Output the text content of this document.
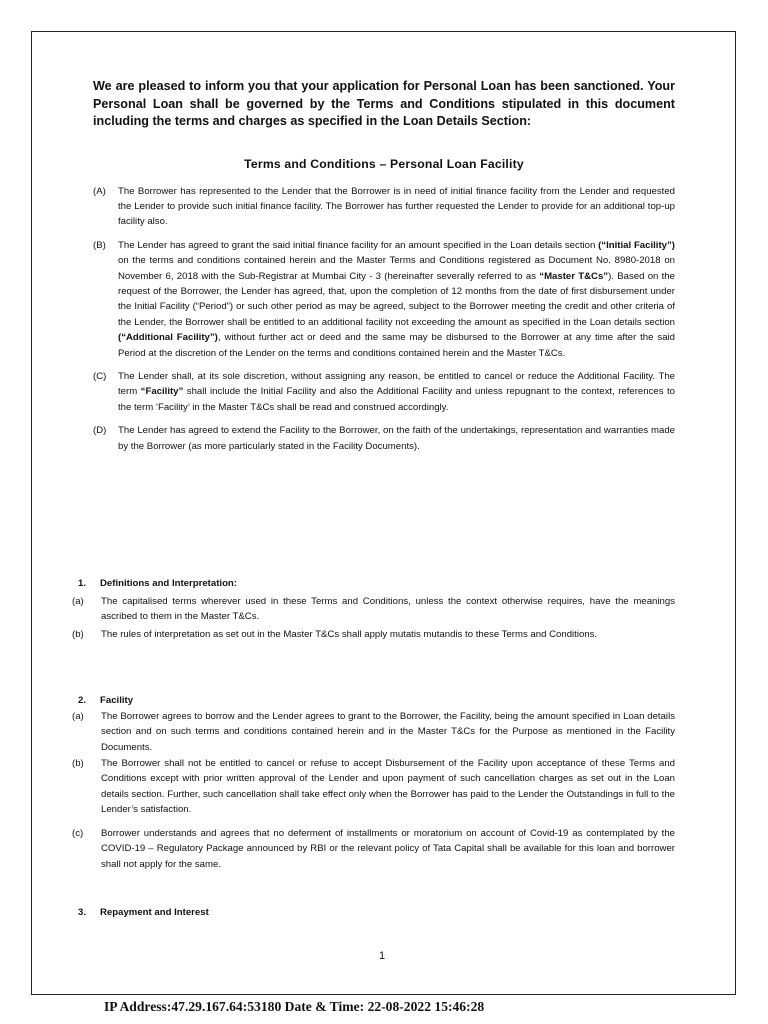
We are pleased to inform you that your application for Personal Loan has been sanctioned. Your Personal Loan shall be governed by the Terms and Conditions stipulated in this document including the terms and charges as specified in the Loan Details Section:

Terms and Conditions – Personal Loan Facility
(A)	The Borrower has represented to the Lender that the Borrower is in need of initial finance facility from the Lender and requested the Lender to provide such initial finance facility. The Borrower has further requested the Lender to provide for an additional top-up facility also.
(B)	The Lender has agreed to grant the said initial finance facility for an amount specified in the Loan details section (“Initial Facility”) on the terms and conditions contained herein and the Master Terms and Conditions registered as Document No. 8980-2018 on November 6, 2018 with the Sub-Registrar at Mumbai City - 3 (hereinafter severally referred to as “Master T&Cs”). Based on the request of the Borrower, the Lender has agreed, that, upon the completion of 12 months from the date of first disbursement under the Initial Facility (“Period”) or such other period as may be agreed, subject to the Borrower meeting the credit and other criteria of the Lender, the Borrower shall be entitled to an additional facility not exceeding the amount as specified in the Loan details section (“Additional Facility”), without further act or deed and the same may be disbursed to the Borrower at any time after the said Period at the discretion of the Lender on the terms and conditions contained herein and the Master T&Cs.
(C)	The Lender shall, at its sole discretion, without assigning any reason, be entitled to cancel or reduce the Additional Facility. The term “Facility” shall include the Initial Facility and also the Additional Facility and unless repugnant to the context, references to the term ‘Facility’ in the Master T&Cs shall be read and construed accordingly.
(D)	The Lender has agreed to extend the Facility to the Borrower, on the faith of the undertakings, representation and warranties made by the Borrower (as more particularly stated in the Facility Documents).
1. Definitions and Interpretation:
(a)	The capitalised terms wherever used in these Terms and Conditions, unless the context otherwise requires, have the meanings ascribed to them in the Master T&Cs.
(b)	The rules of interpretation as set out in the Master T&Cs shall apply mutatis mutandis to these Terms and Conditions.
2. Facility
(a)	The Borrower agrees to borrow and the Lender agrees to grant to the Borrower, the Facility, being the amount specified in Loan details section and on such terms and conditions contained herein and in the Master T&Cs for the Purpose as mentioned in the Facility Documents.
(b)	The Borrower shall not be entitled to cancel or refuse to accept Disbursement of the Facility upon acceptance of these Terms and Conditions except with prior written approval of the Lender and upon payment of such cancellation charges as set out in the Loan details section. Further, such cancellation shall take effect only when the Borrower has paid to the Lender the Outstandings in full to the Lender’s satisfaction.
(c)	Borrower understands and agrees that no deferment of installments or moratorium on account of Covid-19 as contemplated by the COVID-19 – Regulatory Package announced by RBI or the relevant policy of Tata Capital shall be available for this loan and borrower shall not apply for the same.
3. Repayment and Interest
1
IP Address:47.29.167.64:53180 Date & Time: 22-08-2022 15:46:28
